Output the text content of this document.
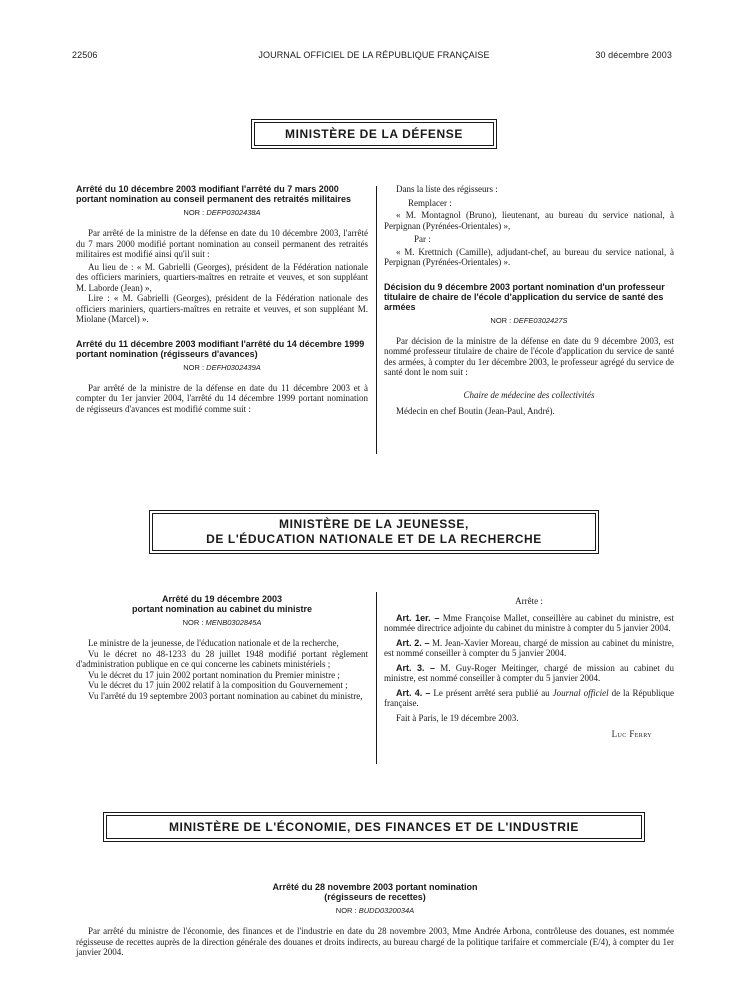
22506	JOURNAL OFFICIEL DE LA RÉPUBLIQUE FRANÇAISE	30 décembre 2003
MINISTÈRE DE LA DÉFENSE
Arrêté du 10 décembre 2003 modifiant l'arrêté du 7 mars 2000 portant nomination au conseil permanent des retraités militaires
NOR : DEFP0302438A
Par arrêté de la ministre de la défense en date du 10 décembre 2003, l'arrêté du 7 mars 2000 modifié portant nomination au conseil permanent des retraités militaires est modifié ainsi qu'il suit :
Au lieu de : « M. Gabrielli (Georges), président de la Fédération nationale des officiers mariniers, quartiers-maîtres en retraite et veuves, et son suppléant M. Laborde (Jean) »,
Lire : « M. Gabrielli (Georges), président de la Fédération nationale des officiers mariniers, quartiers-maîtres en retraite et veuves, et son suppléant M. Miolane (Marcel) ».
Arrêté du 11 décembre 2003 modifiant l'arrêté du 14 décembre 1999 portant nomination (régisseurs d'avances)
NOR : DEFH0302439A
Par arrêté de la ministre de la défense en date du 11 décembre 2003 et à compter du 1er janvier 2004, l'arrêté du 14 décembre 1999 portant nomination de régisseurs d'avances est modifié comme suit :
Dans la liste des régisseurs :
Remplacer :
« M. Montagnol (Bruno), lieutenant, au bureau du service national, à Perpignan (Pyrénées-Orientales) »,
Par :
« M. Krettnich (Camille), adjudant-chef, au bureau du service national, à Perpignan (Pyrénées-Orientales) ».
Décision du 9 décembre 2003 portant nomination d'un professeur titulaire de chaire de l'école d'application du service de santé des armées
NOR : DEFE0302427S
Par décision de la ministre de la défense en date du 9 décembre 2003, est nommé professeur titulaire de chaire de l'école d'application du service de santé des armées, à compter du 1er décembre 2003, le professeur agrégé du service de santé dont le nom suit :
Chaire de médecine des collectivités
Médecin en chef Boutin (Jean-Paul, André).
MINISTÈRE DE LA JEUNESSE,
DE L'ÉDUCATION NATIONALE ET DE LA RECHERCHE
Arrêté du 19 décembre 2003
portant nomination au cabinet du ministre
NOR : MENB0302845A
Le ministre de la jeunesse, de l'éducation nationale et de la recherche,
Vu le décret no 48-1233 du 28 juillet 1948 modifié portant règlement d'administration publique en ce qui concerne les cabinets ministériels ;
Vu le décret du 17 juin 2002 portant nomination du Premier ministre ;
Vu le décret du 17 juin 2002 relatif à la composition du Gouvernement ;
Vu l'arrêté du 19 septembre 2003 portant nomination au cabinet du ministre,
Arrête :
Art. 1er. – Mme Françoise Mallet, conseillère au cabinet du ministre, est nommée directrice adjointe du cabinet du ministre à compter du 5 janvier 2004.
Art. 2. – M. Jean-Xavier Moreau, chargé de mission au cabinet du ministre, est nommé conseiller à compter du 5 janvier 2004.
Art. 3. – M. Guy-Roger Meitinger, chargé de mission au cabinet du ministre, est nommé conseiller à compter du 5 janvier 2004.
Art. 4. – Le présent arrêté sera publié au Journal officiel de la République française.
Fait à Paris, le 19 décembre 2003.
Luc Ferry
MINISTÈRE DE L'ÉCONOMIE, DES FINANCES ET DE L'INDUSTRIE
Arrêté du 28 novembre 2003 portant nomination
(régisseurs de recettes)
NOR : BUDD0320034A
Par arrêté du ministre de l'économie, des finances et de l'industrie en date du 28 novembre 2003, Mme Andrée Arbona, contrôleuse des douanes, est nommée régisseuse de recettes auprès de la direction générale des douanes et droits indirects, au bureau chargé de la politique tarifaire et commerciale (E/4), à compter du 1er janvier 2004.
